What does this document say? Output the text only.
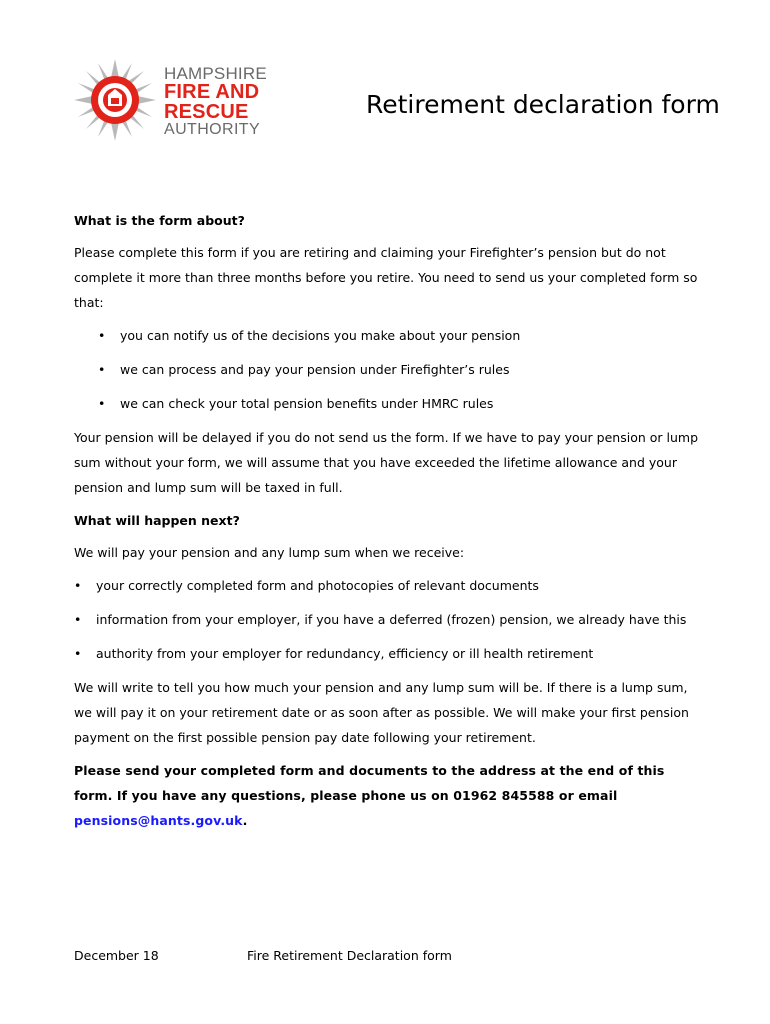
HAMPSHIRE
FIRE AND
RESCUE
AUTHORITY
Retirement declaration form
What is the form about?

Please complete this form if you are retiring and claiming your Firefighter’s pension but do not complete it more than three months before you retire. You need to send us your completed form so that:

• you can notify us of the decisions you make about your pension
• we can process and pay your pension under Firefighter’s rules
• we can check your total pension benefits under HMRC rules

Your pension will be delayed if you do not send us the form. If we have to pay your pension or lump sum without your form, we will assume that you have exceeded the lifetime allowance and your pension and lump sum will be taxed in full.

What will happen next?

We will pay your pension and any lump sum when we receive:

• your correctly completed form and photocopies of relevant documents
• information from your employer, if you have a deferred (frozen) pension, we already have this
• authority from your employer for redundancy, efficiency or ill health retirement

We will write to tell you how much your pension and any lump sum will be. If there is a lump sum, we will pay it on your retirement date or as soon after as possible. We will make your first pension payment on the first possible pension pay date following your retirement.

Please send your completed form and documents to the address at the end of this form. If you have any questions, please phone us on 01962 845588 or email pensions@hants.gov.uk.

December 18	Fire Retirement Declaration form
